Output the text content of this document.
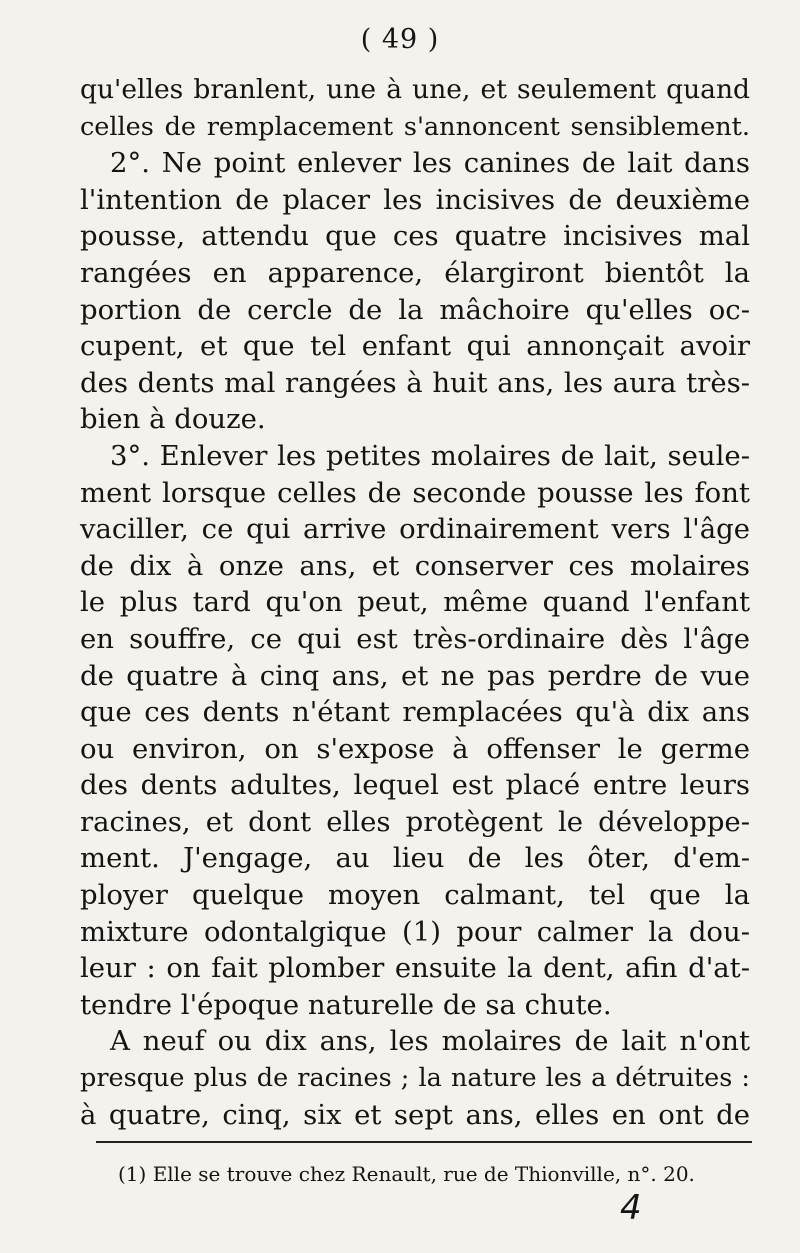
( 49 )
qu'elles branlent, une à une, et seulement quand
celles de remplacement s'annoncent sensiblement.
2°. Ne point enlever les canines de lait dans
l'intention de placer les incisives de deuxième
pousse, attendu que ces quatre incisives mal
rangées en apparence, élargiront bientôt la
portion de cercle de la mâchoire qu'elles oc-
cupent, et que tel enfant qui annonçait avoir
des dents mal rangées à huit ans, les aura très-
bien à douze.
3°. Enlever les petites molaires de lait, seule-
ment lorsque celles de seconde pousse les font
vaciller, ce qui arrive ordinairement vers l'âge
de dix à onze ans, et conserver ces molaires
le plus tard qu'on peut, même quand l'enfant
en souffre, ce qui est très-ordinaire dès l'âge
de quatre à cinq ans, et ne pas perdre de vue
que ces dents n'étant remplacées qu'à dix ans
ou environ, on s'expose à offenser le germe
des dents adultes, lequel est placé entre leurs
racines, et dont elles protègent le développe-
ment. J'engage, au lieu de les ôter, d'em-
ployer quelque moyen calmant, tel que la
mixture odontalgique (1) pour calmer la dou-
leur : on fait plomber ensuite la dent, afin d'at-
tendre l'époque naturelle de sa chute.
A neuf ou dix ans, les molaires de lait n'ont
presque plus de racines ; la nature les a détruites :
à quatre, cinq, six et sept ans, elles en ont de
(1) Elle se trouve chez Renault, rue de Thionville, n°. 20.
4
